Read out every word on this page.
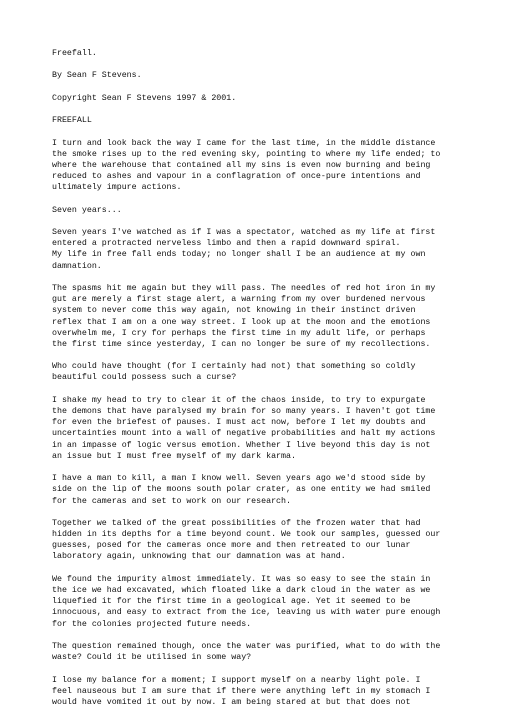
Freefall.
By Sean F Stevens.
Copyright Sean F Stevens 1997 & 2001.
FREEFALL
I turn and look back the way I came for the last time, in the middle distance
the smoke rises up to the red evening sky, pointing to where my life ended; to
where the warehouse that contained all my sins is even now burning and being
reduced to ashes and vapour in a conflagration of once-pure intentions and
ultimately impure actions.
Seven years...
Seven years I've watched as if I was a spectator, watched as my life at first
entered a protracted nerveless limbo and then a rapid downward spiral.
My life in free fall ends today; no longer shall I be an audience at my own
damnation.
The spasms hit me again but they will pass. The needles of red hot iron in my
gut are merely a first stage alert, a warning from my over burdened nervous
system to never come this way again, not knowing in their instinct driven
reflex that I am on a one way street. I look up at the moon and the emotions
overwhelm me, I cry for perhaps the first time in my adult life, or perhaps
the first time since yesterday, I can no longer be sure of my recollections.
Who could have thought (for I certainly had not) that something so coldly
beautiful could possess such a curse?
I shake my head to try to clear it of the chaos inside, to try to expurgate
the demons that have paralysed my brain for so many years. I haven't got time
for even the briefest of pauses. I must act now, before I let my doubts and
uncertainties mount into a wall of negative probabilities and halt my actions
in an impasse of logic versus emotion. Whether I live beyond this day is not
an issue but I must free myself of my dark karma.
I have a man to kill, a man I know well. Seven years ago we'd stood side by
side on the lip of the moons south polar crater, as one entity we had smiled
for the cameras and set to work on our research.
Together we talked of the great possibilities of the frozen water that had
hidden in its depths for a time beyond count. We took our samples, guessed our
guesses, posed for the cameras once more and then retreated to our lunar
laboratory again, unknowing that our damnation was at hand.
We found the impurity almost immediately. It was so easy to see the stain in
the ice we had excavated, which floated like a dark cloud in the water as we
liquefied it for the first time in a geological age. Yet it seemed to be
innocuous, and easy to extract from the ice, leaving us with water pure enough
for the colonies projected future needs.
The question remained though, once the water was purified, what to do with the
waste? Could it be utilised in some way?
I lose my balance for a moment; I support myself on a nearby light pole. I
feel nauseous but I am sure that if there were anything left in my stomach I
would have vomited it out by now. I am being stared at but that does not
